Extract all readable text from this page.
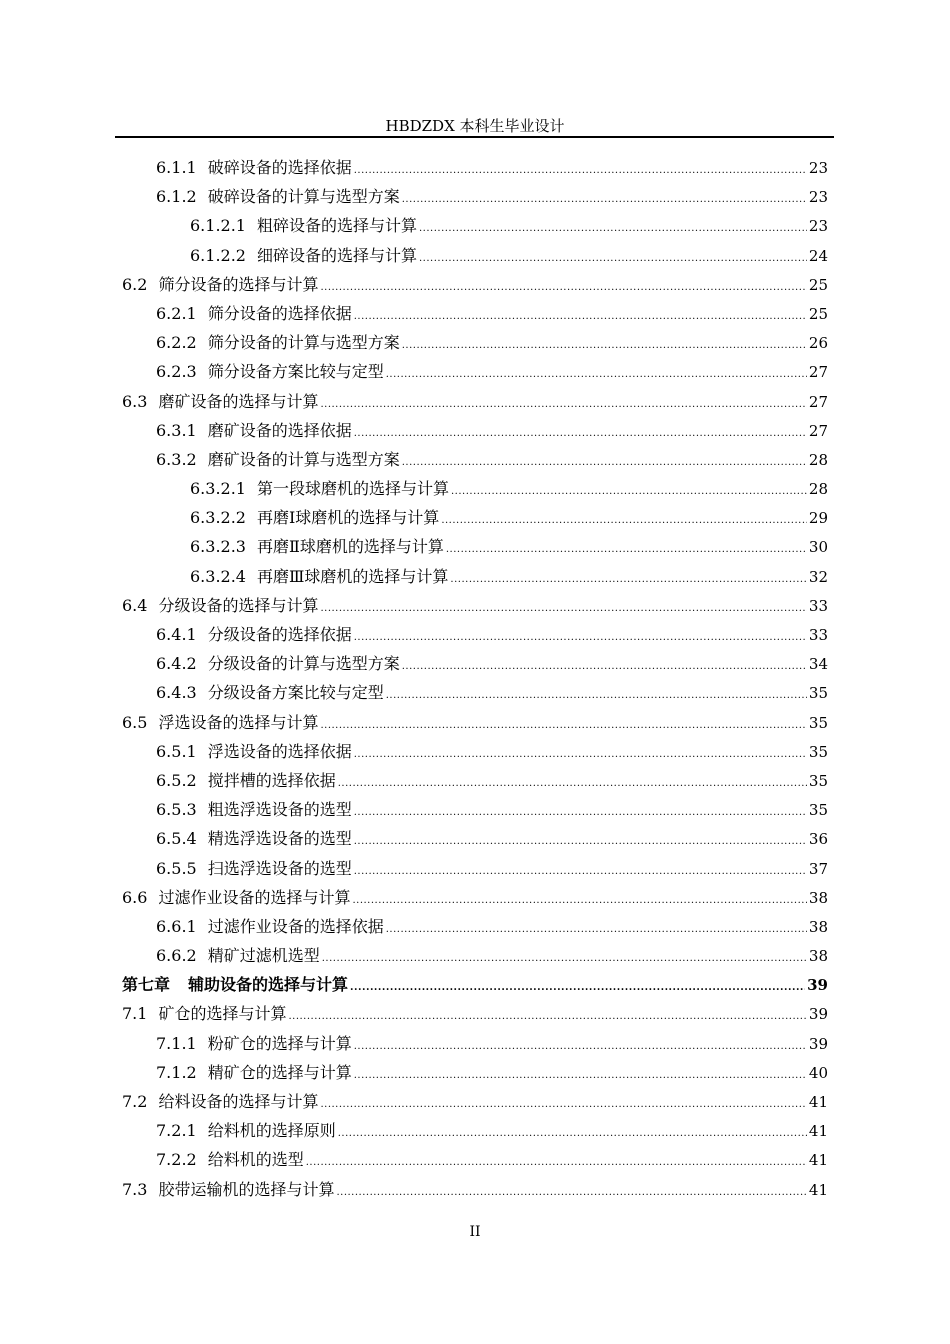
HBDZDX 本科生毕业设计
6.1.1 破碎设备的选择依据 .....	23
6.1.2 破碎设备的计算与选型方案 .....	23
6.1.2.1 粗碎设备的选择与计算 .....	23
6.1.2.2 细碎设备的选择与计算 .....	24
6.2 筛分设备的选择与计算 .....	25
6.2.1 筛分设备的选择依据 .....	25
6.2.2 筛分设备的计算与选型方案 .....	26
6.2.3 筛分设备方案比较与定型 .....	27
6.3 磨矿设备的选择与计算 .....	27
6.3.1 磨矿设备的选择依据 .....	27
6.3.2 磨矿设备的计算与选型方案 .....	28
6.3.2.1 第一段球磨机的选择与计算 .....	28
6.3.2.2 再磨Ⅰ球磨机的选择与计算 .....	29
6.3.2.3 再磨Ⅱ球磨机的选择与计算 .....	30
6.3.2.4 再磨Ⅲ球磨机的选择与计算 .....	32
6.4 分级设备的选择与计算 .....	33
6.4.1 分级设备的选择依据 .....	33
6.4.2 分级设备的计算与选型方案 .....	34
6.4.3 分级设备方案比较与定型 .....	35
6.5 浮选设备的选择与计算 .....	35
6.5.1 浮选设备的选择依据 .....	35
6.5.2 搅拌槽的选择依据 .....	35
6.5.3 粗选浮选设备的选型 .....	35
6.5.4 精选浮选设备的选型 .....	36
6.5.5 扫选浮选设备的选型 .....	37
6.6 过滤作业设备的选择与计算 .....	38
6.6.1 过滤作业设备的选择依据 .....	38
6.6.2 精矿过滤机选型 .....	38
第七章 辅助设备的选择与计算 .....	39
7.1 矿仓的选择与计算 .....	39
7.1.1 粉矿仓的选择与计算 .....	39
7.1.2 精矿仓的选择与计算 .....	40
7.2 给料设备的选择与计算 .....	41
7.2.1 给料机的选择原则 .....	41
7.2.2 给料机的选型 .....	41
7.3 胶带运输机的选择与计算 .....	41
II
